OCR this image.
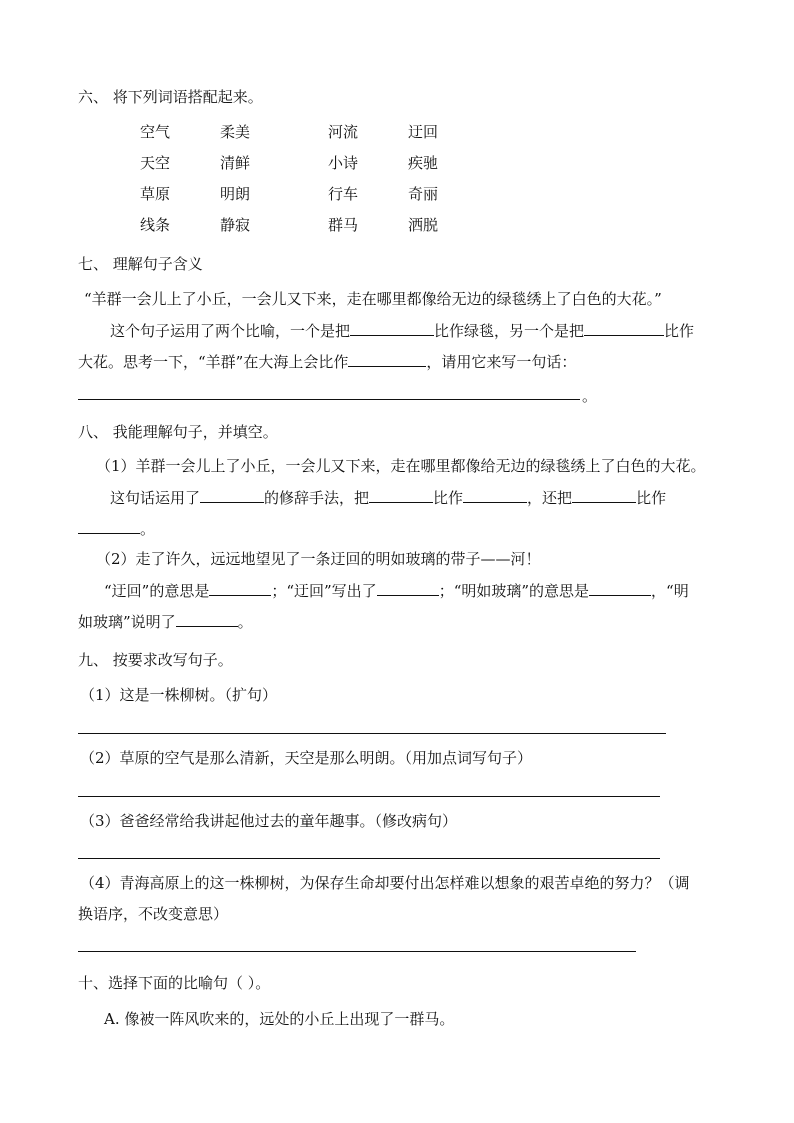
六、 将下列词语搭配起来。
空气	柔美	河流	迂回
天空	清鲜	小诗	疾驰
草原	明朗	行车	奇丽
线条	静寂	群马	洒脱
七、 理解句子含义
“羊群一会儿上了小丘，一会儿又下来，走在哪里都像给无边的绿毯绣上了白色的大花。”
这个句子运用了两个比喻，一个是把	比作绿毯，另一个是把	比作
大花。思考一下，“羊群”在大海上会比作	，请用它来写一句话：
。
八、 我能理解句子，并填空。
（1）羊群一会儿上了小丘，一会儿又下来，走在哪里都像给无边的绿毯绣上了白色的大花。
这句话运用了	的修辞手法，把	比作	，还把	比作
。
（2）走了许久，远远地望见了一条迂回的明如玻璃的带子——河！
“迂回”的意思是	；“迂回”写出了	；“明如玻璃”的意思是	，“明
如玻璃”说明了	。
九、 按要求改写句子。
（1）这是一株柳树。（扩句）
（2）草原的空气是那么清新，天空是那么明朗。（用加点词写句子）
（3）爸爸经常给我讲起他过去的童年趣事。（修改病句）
（4）青海高原上的这一株柳树，为保存生命却要付出怎样难以想象的艰苦卓绝的努力？（调
换语序，不改变意思）
十、选择下面的比喻句（ ）。
A. 像被一阵风吹来的，远处的小丘上出现了一群马。
